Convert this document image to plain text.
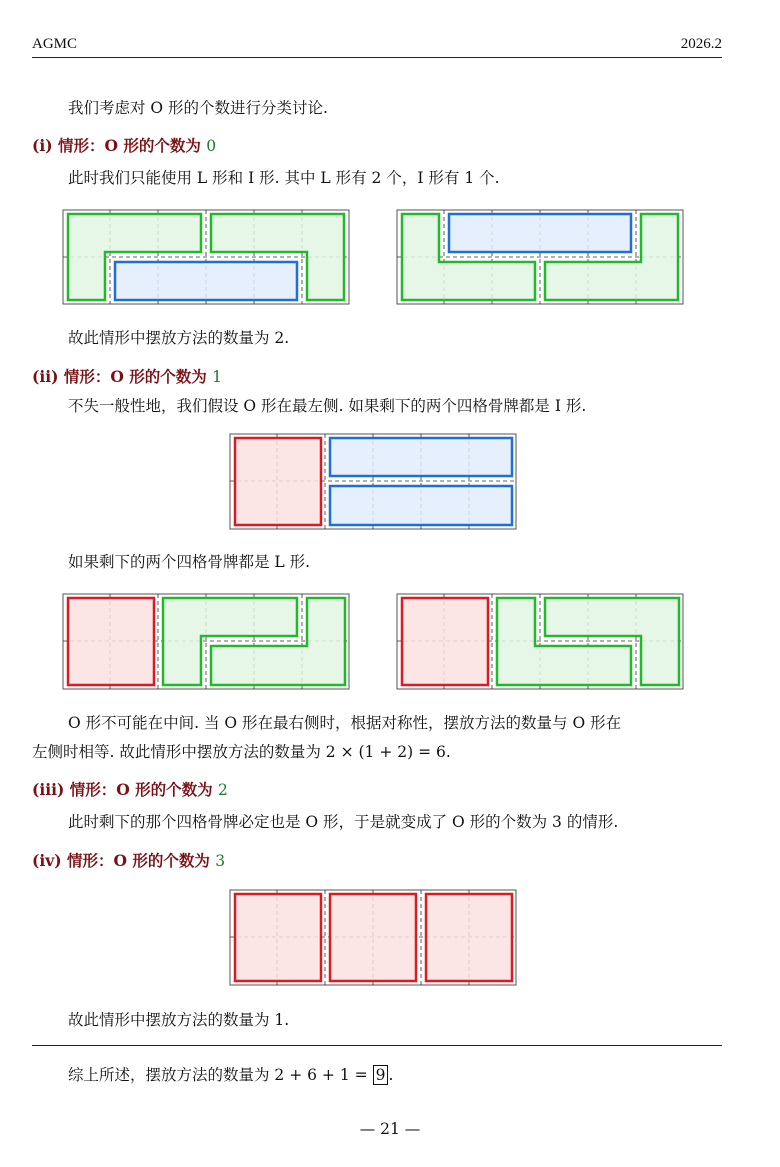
AGMC	2026.2
我们考虑对 O 形的个数进行分类讨论.
(i) 情形：O 形的个数为 0
此时我们只能使用 L 形和 I 形. 其中 L 形有 2 个，I 形有 1 个.
故此情形中摆放方法的数量为 2.
(ii) 情形：O 形的个数为 1
不失一般性地，我们假设 O 形在最左侧. 如果剩下的两个四格骨牌都是 I 形.
如果剩下的两个四格骨牌都是 L 形.
O 形不可能在中间. 当 O 形在最右侧时，根据对称性，摆放方法的数量与 O 形在
左侧时相等. 故此情形中摆放方法的数量为 2 × (1 + 2) = 6.
(iii) 情形：O 形的个数为 2
此时剩下的那个四格骨牌必定也是 O 形，于是就变成了 O 形的个数为 3 的情形.
(iv) 情形：O 形的个数为 3
故此情形中摆放方法的数量为 1.
综上所述，摆放方法的数量为 2 + 6 + 1 = 9 .
— 21 —
